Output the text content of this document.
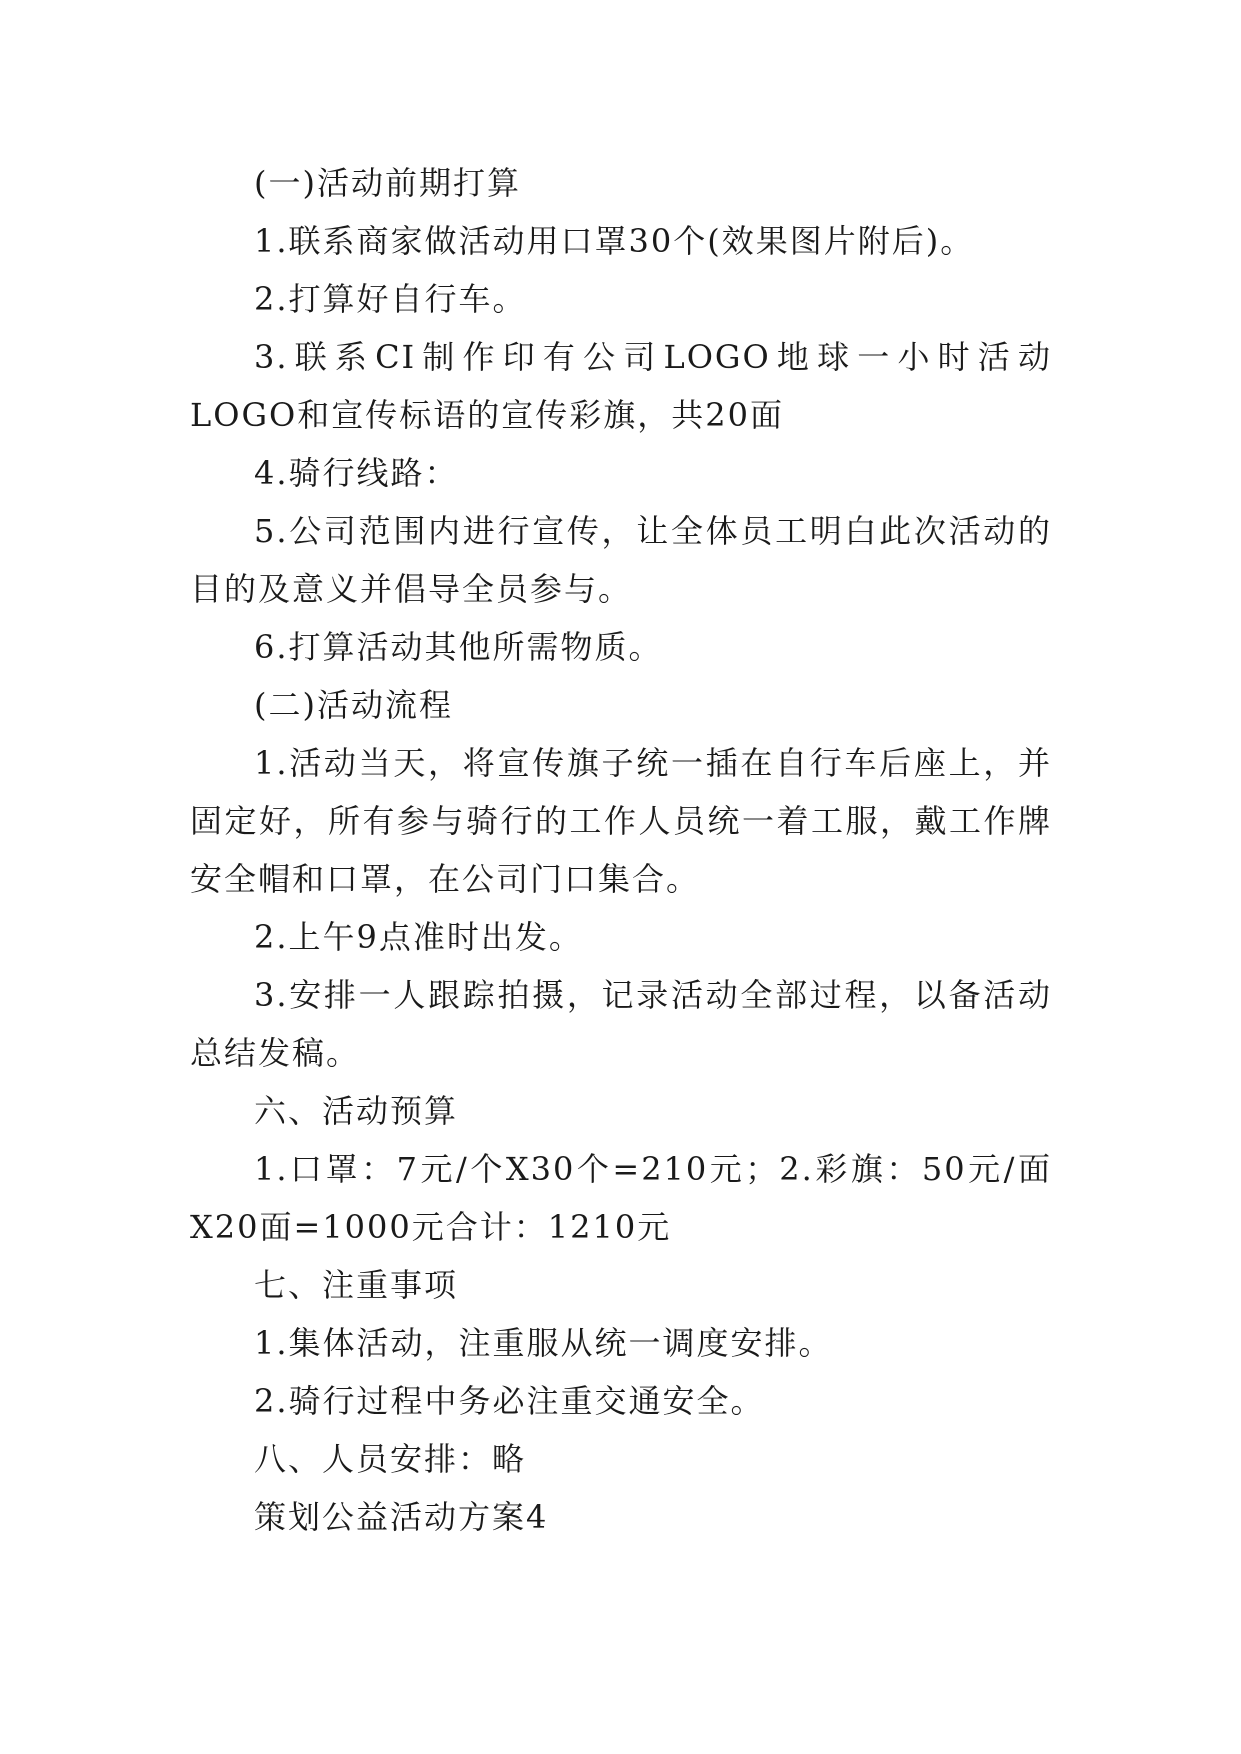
(一)活动前期打算

1.联系商家做活动用口罩30个(效果图片附后)。

2.打算好自行车。

3.联系CI制作印有公司LOGO地球一小时活动LOGO和宣传标语的宣传彩旗，共20面

4.骑行线路：

5.公司范围内进行宣传，让全体员工明白此次活动的目的及意义并倡导全员参与。

6.打算活动其他所需物质。

(二)活动流程

1.活动当天，将宣传旗子统一插在自行车后座上，并固定好，所有参与骑行的工作人员统一着工服，戴工作牌安全帽和口罩，在公司门口集合。

2.上午9点准时出发。

3.安排一人跟踪拍摄，记录活动全部过程，以备活动总结发稿。

六、活动预算

1.口罩：7元/个X30个=210元；2.彩旗：50元/面X20面=1000元合计：1210元

七、注重事项

1.集体活动，注重服从统一调度安排。

2.骑行过程中务必注重交通安全。

八、人员安排：略

策划公益活动方案4
